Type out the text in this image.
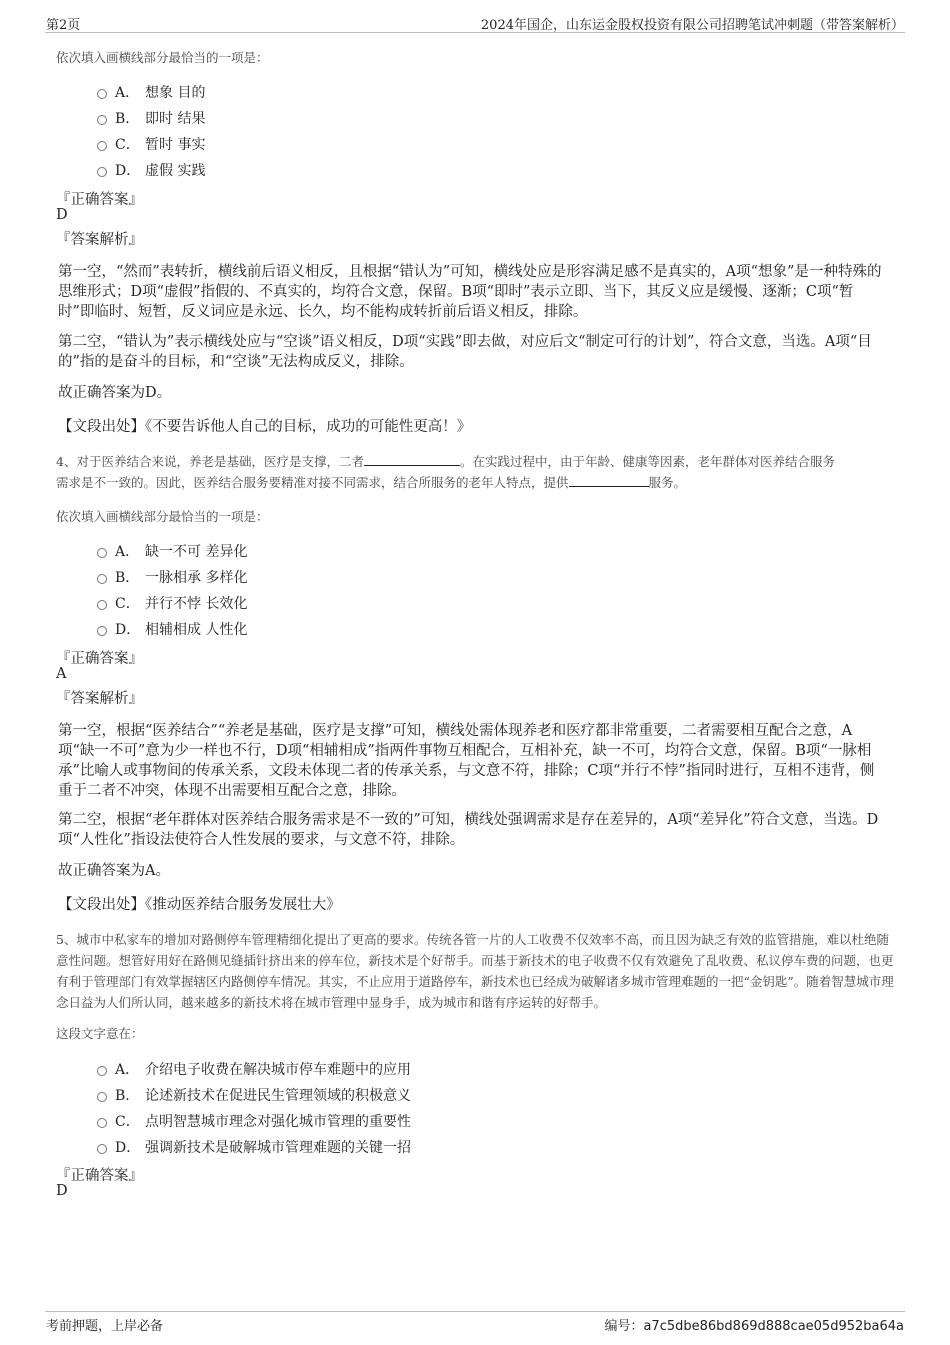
第2页	2024年国企，山东运金股权投资有限公司招聘笔试冲刺题（带答案解析）
依次填入画横线部分最恰当的一项是：
A． 想象 目的
B． 即时 结果
C． 暂时 事实
D． 虚假 实践
『正确答案』
D
『答案解析』
第一空，“然而”表转折，横线前后语义相反，且根据“错认为”可知，横线处应是形容满足感不是真实的，A项“想象”是一种特殊的思维形式；D项“虚假”指假的、不真实的，均符合文意，保留。B项“即时”表示立即、当下，其反义应是缓慢、逐渐；C项“暂时”即临时、短暂，反义词应是永远、长久，均不能构成转折前后语义相反，排除。
第二空，“错认为”表示横线处应与“空谈”语义相反，D项“实践”即去做，对应后文“制定可行的计划”，符合文意，当选。A项“目的”指的是奋斗的目标，和“空谈”无法构成反义，排除。
故正确答案为D。
【文段出处】《不要告诉他人自己的目标，成功的可能性更高！》
4、对于医养结合来说，养老是基础，医疗是支撑，二者	。在实践过程中，由于年龄、健康等因素，老年群体对医养结合服务
需求是不一致的。因此，医养结合服务要精准对接不同需求，结合所服务的老年人特点，提供	服务。
依次填入画横线部分最恰当的一项是：
A． 缺一不可 差异化
B． 一脉相承 多样化
C． 并行不悖 长效化
D． 相辅相成 人性化
『正确答案』
A
『答案解析』
第一空，根据“医养结合”“养老是基础，医疗是支撑”可知，横线处需体现养老和医疗都非常重要，二者需要相互配合之意，A项“缺一不可”意为少一样也不行，D项“相辅相成”指两件事物互相配合，互相补充，缺一不可，均符合文意，保留。B项“一脉相承”比喻人或事物间的传承关系，文段未体现二者的传承关系，与文意不符，排除；C项“并行不悖”指同时进行，互相不违背，侧重于二者不冲突，体现不出需要相互配合之意，排除。
第二空，根据“老年群体对医养结合服务需求是不一致的”可知，横线处强调需求是存在差异的，A项“差异化”符合文意，当选。D项“人性化”指设法使符合人性发展的要求，与文意不符，排除。
故正确答案为A。
【文段出处】《推动医养结合服务发展壮大》
5、城市中私家车的增加对路侧停车管理精细化提出了更高的要求。传统各管一片的人工收费不仅效率不高，而且因为缺乏有效的监管措施，难以杜绝随意性问题。想管好用好在路侧见缝插针挤出来的停车位，新技术是个好帮手。而基于新技术的电子收费不仅有效避免了乱收费、私议停车费的问题，也更有利于管理部门有效掌握辖区内路侧停车情况。其实，不止应用于道路停车，新技术也已经成为破解诸多城市管理难题的一把“金钥匙”。随着智慧城市理念日益为人们所认同，越来越多的新技术将在城市管理中显身手，成为城市和谐有序运转的好帮手。
这段文字意在：
A． 介绍电子收费在解决城市停车难题中的应用
B． 论述新技术在促进民生管理领域的积极意义
C． 点明智慧城市理念对强化城市管理的重要性
D． 强调新技术是破解城市管理难题的关键一招
『正确答案』
D
考前押题，上岸必备	编号：a7c5dbe86bd869d888cae05d952ba64a
